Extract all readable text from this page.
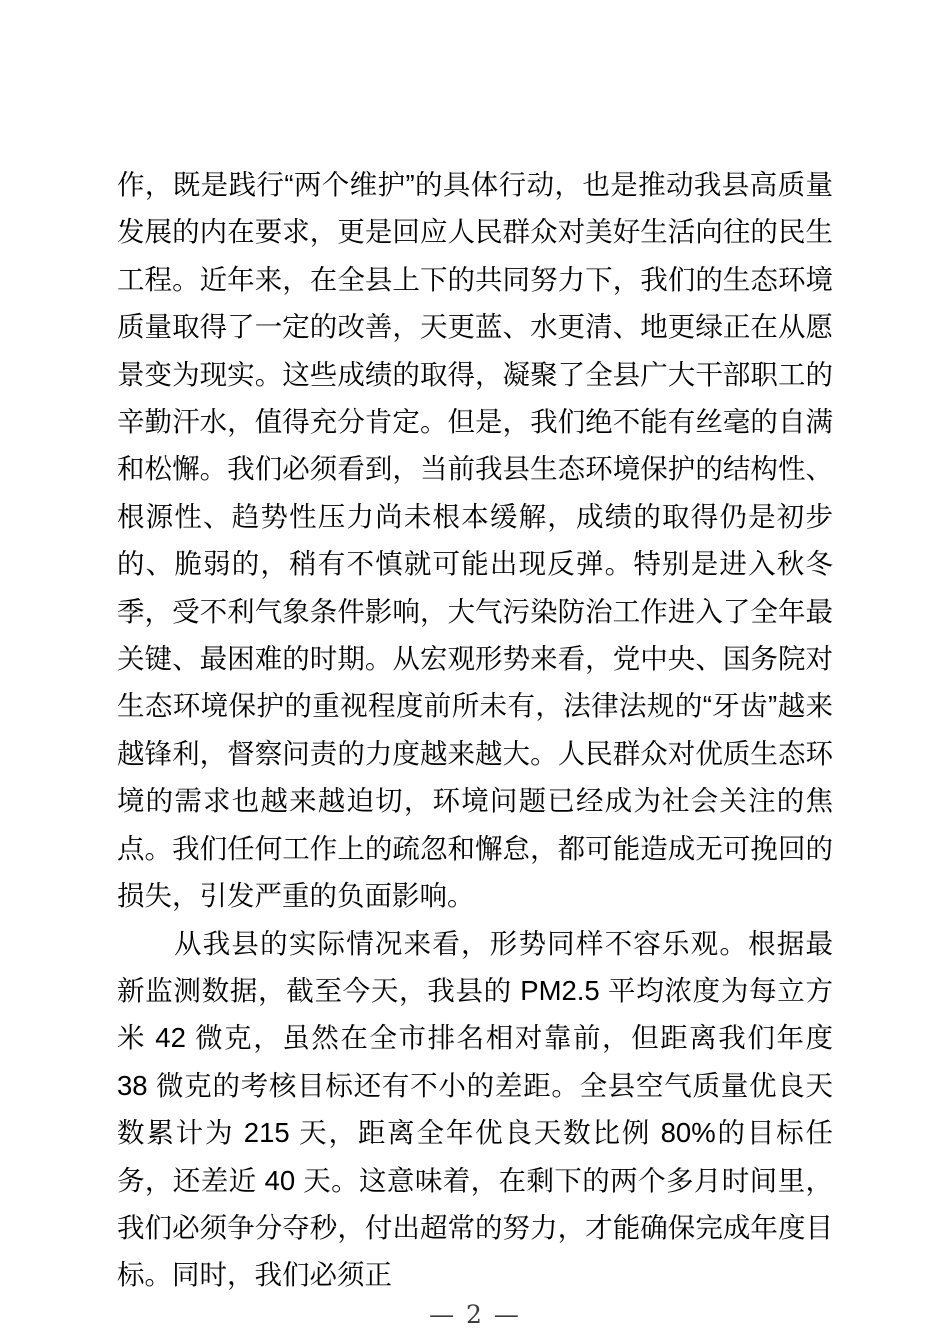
作，既是践行“两个维护”的具体行动，也是推动我县高质量发展的内在要求，更是回应人民群众对美好生活向往的民生工程。近年来，在全县上下的共同努力下，我们的生态环境质量取得了一定的改善，天更蓝、水更清、地更绿正在从愿景变为现实。这些成绩的取得，凝聚了全县广大干部职工的辛勤汗水，值得充分肯定。但是，我们绝不能有丝毫的自满和松懈。我们必须看到，当前我县生态环境保护的结构性、根源性、趋势性压力尚未根本缓解，成绩的取得仍是初步的、脆弱的，稍有不慎就可能出现反弹。特别是进入秋冬季，受不利气象条件影响，大气污染防治工作进入了全年最关键、最困难的时期。从宏观形势来看，党中央、国务院对生态环境保护的重视程度前所未有，法律法规的“牙齿”越来越锋利，督察问责的力度越来越大。人民群众对优质生态环境的需求也越来越迫切，环境问题已经成为社会关注的焦点。我们任何工作上的疏忽和懈怠，都可能造成无可挽回的损失，引发严重的负面影响。

从我县的实际情况来看，形势同样不容乐观。根据最新监测数据，截至今天，我县的 PM2.5 平均浓度为每立方米 42 微克，虽然在全市排名相对靠前，但距离我们年度 38 微克的考核目标还有不小的差距。全县空气质量优良天数累计为 215 天，距离全年优良天数比例 80%的目标任务，还差近 40 天。这意味着，在剩下的两个多月时间里，我们必须争分夺秒，付出超常的努力，才能确保完成年度目标。同时，我们必须正

— 2 —
